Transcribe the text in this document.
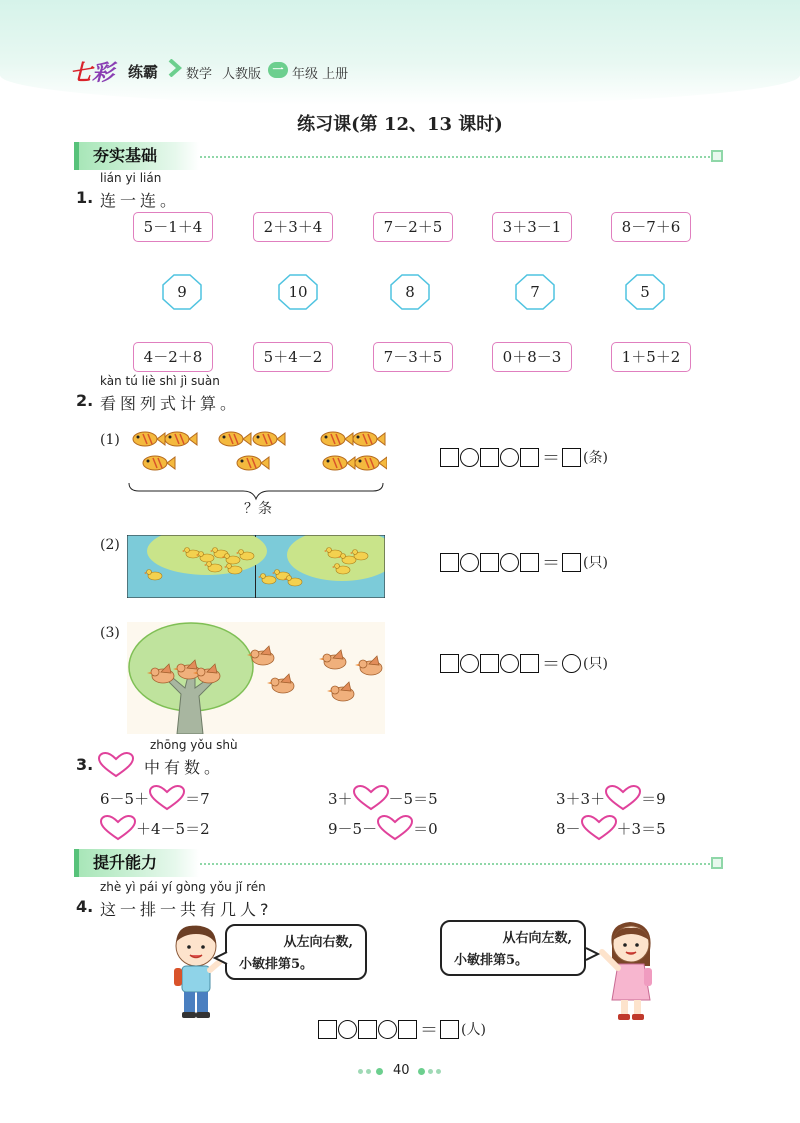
七彩 练霸 数学 人教版	一 年级 上册
练习课(第 12、13 课时)
夯实基础
lián yi lián
1. 连一连。
5－1＋4	2＋3＋4	7－2＋5	3＋3－1	8－7＋6
9	10	8	7	5
4－2＋8	5＋4－2	7－3＋5	0＋8－3	1＋5＋2
kàn tú liè shì jì suàn
2. 看图列式计算。
(1)
？条
＝ (条)
(2)
＝ (只)
(3)
＝ (只)
zhōng yǒu shù
3.	中有数。
6－5＋ ＝7	3＋ －5＝5	3＋3＋ ＝9
＋4－5＝2	9－5－ ＝0	8－ ＋3＝5
提升能力
zhè yì pái yí gòng yǒu jǐ rén
4. 这一排一共有几人?
从左向右数,
小敏排第5。
从右向左数,
小敏排第5。
＝ (人)
40
